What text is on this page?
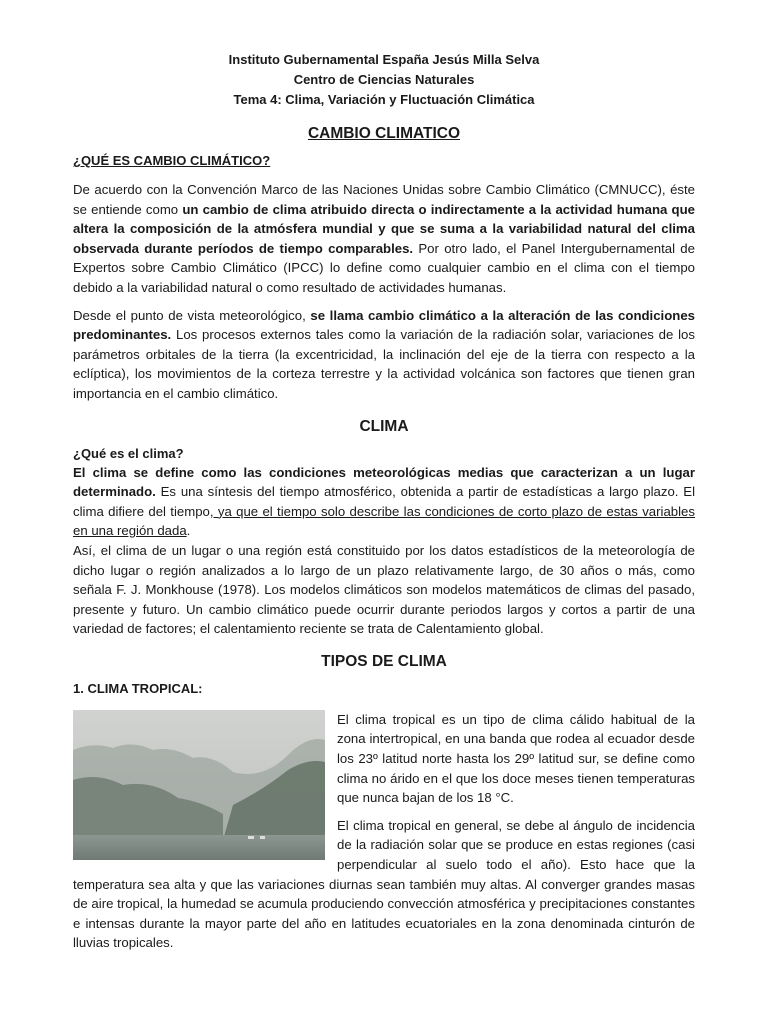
Instituto Gubernamental España Jesús Milla Selva
Centro de Ciencias Naturales
Tema 4: Clima, Variación y Fluctuación Climática
CAMBIO CLIMATICO
¿QUÉ ES CAMBIO CLIMÁTICO?

De acuerdo con la Convención Marco de las Naciones Unidas sobre Cambio Climático (CMNUCC), éste se entiende como un cambio de clima atribuido directa o indirectamente a la actividad humana que altera la composición de la atmósfera mundial y que se suma a la variabilidad natural del clima observada durante períodos de tiempo comparables. Por otro lado, el Panel Intergubernamental de Expertos sobre Cambio Climático (IPCC) lo define como cualquier cambio en el clima con el tiempo debido a la variabilidad natural o como resultado de actividades humanas.

Desde el punto de vista meteorológico, se llama cambio climático a la alteración de las condiciones predominantes. Los procesos externos tales como la variación de la radiación solar, variaciones de los parámetros orbitales de la tierra (la excentricidad, la inclinación del eje de la tierra con respecto a la eclíptica), los movimientos de la corteza terrestre y la actividad volcánica son factores que tienen gran importancia en el cambio climático.

CLIMA
¿Qué es el clima?

El clima se define como las condiciones meteorológicas medias que caracterizan a un lugar determinado. Es una síntesis del tiempo atmosférico, obtenida a partir de estadísticas a largo plazo. El clima difiere del tiempo, ya que el tiempo solo describe las condiciones de corto plazo de estas variables en una región dada.

Así, el clima de un lugar o una región está constituido por los datos estadísticos de la meteorología de dicho lugar o región analizados a lo largo de un plazo relativamente largo, de 30 años o más, como señala F. J. Monkhouse (1978). Los modelos climáticos son modelos matemáticos de climas del pasado, presente y futuro. Un cambio climático puede ocurrir durante periodos largos y cortos a partir de una variedad de factores; el calentamiento reciente se trata de Calentamiento global.

TIPOS DE CLIMA
1. CLIMA TROPICAL:

El clima tropical es un tipo de clima cálido habitual de la zona intertropical, en una banda que rodea al ecuador desde los 23º latitud norte hasta los 29º latitud sur, se define como clima no árido en el que los doce meses tienen temperaturas que nunca bajan de los 18 °C.

El clima tropical en general, se debe al ángulo de incidencia de la radiación solar que se produce en estas regiones (casi perpendicular al suelo todo el año). Esto hace que la temperatura sea alta y que las variaciones diurnas sean también muy altas. Al converger grandes masas de aire tropical, la humedad se acumula produciendo convección atmosférica y precipitaciones constantes e intensas durante la mayor parte del año en latitudes ecuatoriales en la zona denominada cinturón de lluvias tropicales.
